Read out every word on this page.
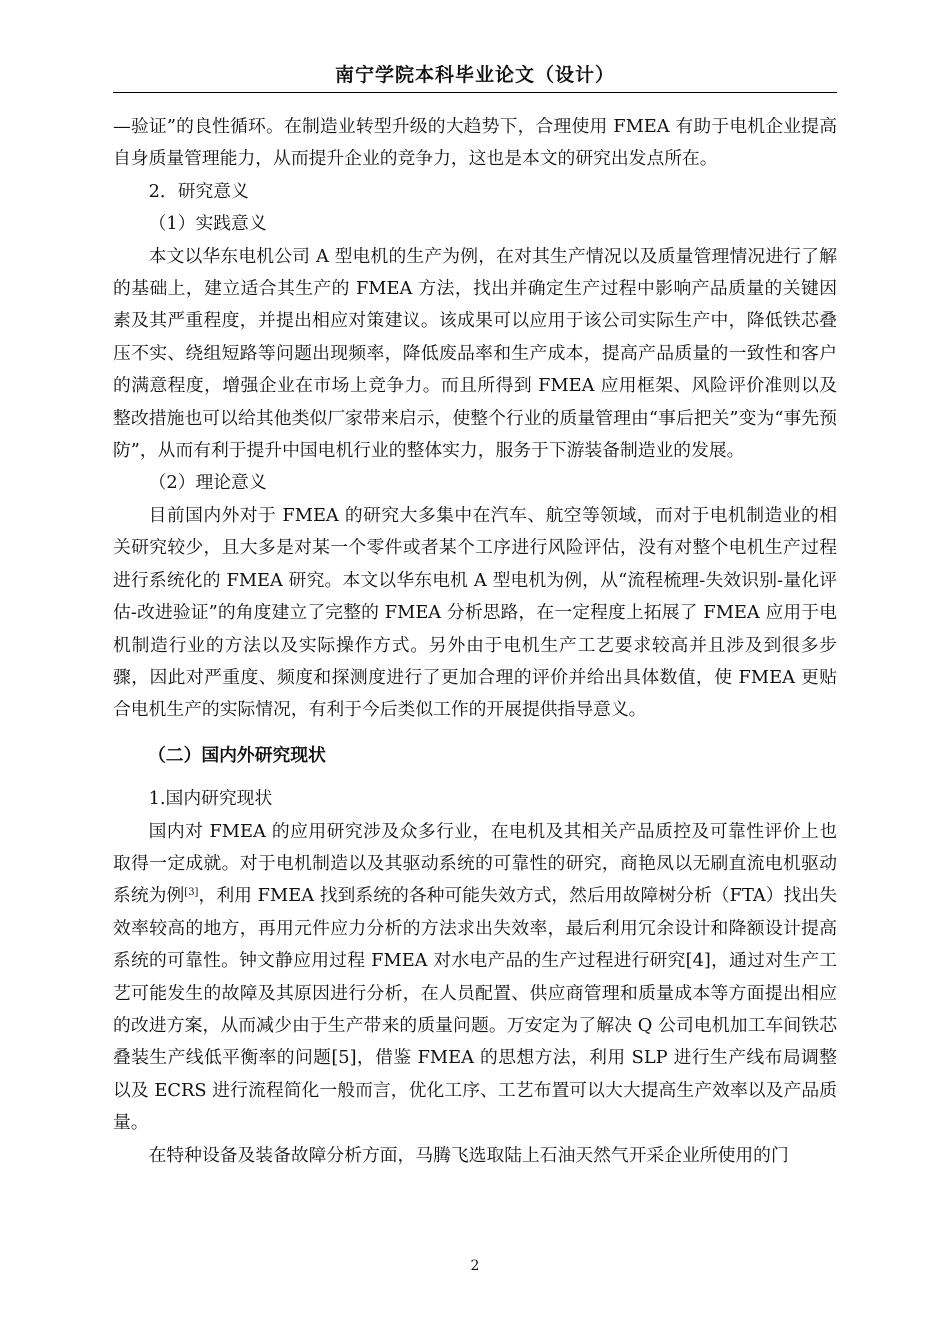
南宁学院本科毕业论文（设计）

—验证”的良性循环。在制造业转型升级的大趋势下，合理使用 FMEA 有助于电机企业提高自身质量管理能力，从而提升企业的竞争力，这也是本文的研究出发点所在。

2．研究意义

（1）实践意义

本文以华东电机公司 A 型电机的生产为例，在对其生产情况以及质量管理情况进行了解的基础上，建立适合其生产的 FMEA 方法，找出并确定生产过程中影响产品质量的关键因素及其严重程度，并提出相应对策建议。该成果可以应用于该公司实际生产中，降低铁芯叠压不实、绕组短路等问题出现频率，降低废品率和生产成本，提高产品质量的一致性和客户的满意程度，增强企业在市场上竞争力。而且所得到 FMEA 应用框架、风险评价准则以及整改措施也可以给其他类似厂家带来启示，使整个行业的质量管理由“事后把关”变为“事先预防”，从而有利于提升中国电机行业的整体实力，服务于下游装备制造业的发展。

（2）理论意义

目前国内外对于 FMEA 的研究大多集中在汽车、航空等领域，而对于电机制造业的相关研究较少，且大多是对某一个零件或者某个工序进行风险评估，没有对整个电机生产过程进行系统化的 FMEA 研究。本文以华东电机 A 型电机为例，从“流程梳理-失效识别-量化评估-改进验证”的角度建立了完整的 FMEA 分析思路，在一定程度上拓展了 FMEA 应用于电机制造行业的方法以及实际操作方式。另外由于电机生产工艺要求较高并且涉及到很多步骤，因此对严重度、频度和探测度进行了更加合理的评价并给出具体数值，使 FMEA 更贴合电机生产的实际情况，有利于今后类似工作的开展提供指导意义。

（二）国内外研究现状

1.国内研究现状

国内对 FMEA 的应用研究涉及众多行业，在电机及其相关产品质控及可靠性评价上也取得一定成就。对于电机制造以及其驱动系统的可靠性的研究，商艳凤以无刷直流电机驱动系统为例[3]，利用 FMEA 找到系统的各种可能失效方式，然后用故障树分析（FTA）找出失效率较高的地方，再用元件应力分析的方法求出失效率，最后利用冗余设计和降额设计提高系统的可靠性。钟文静应用过程 FMEA 对水电产品的生产过程进行研究[4]，通过对生产工艺可能发生的故障及其原因进行分析，在人员配置、供应商管理和质量成本等方面提出相应的改进方案，从而减少由于生产带来的质量问题。万安定为了解决 Q 公司电机加工车间铁芯叠装生产线低平衡率的问题[5]，借鉴 FMEA 的思想方法，利用 SLP 进行生产线布局调整以及 ECRS 进行流程简化一般而言，优化工序、工艺布置可以大大提高生产效率以及产品质量。

在特种设备及装备故障分析方面，马腾飞选取陆上石油天然气开采企业所使用的门

2
